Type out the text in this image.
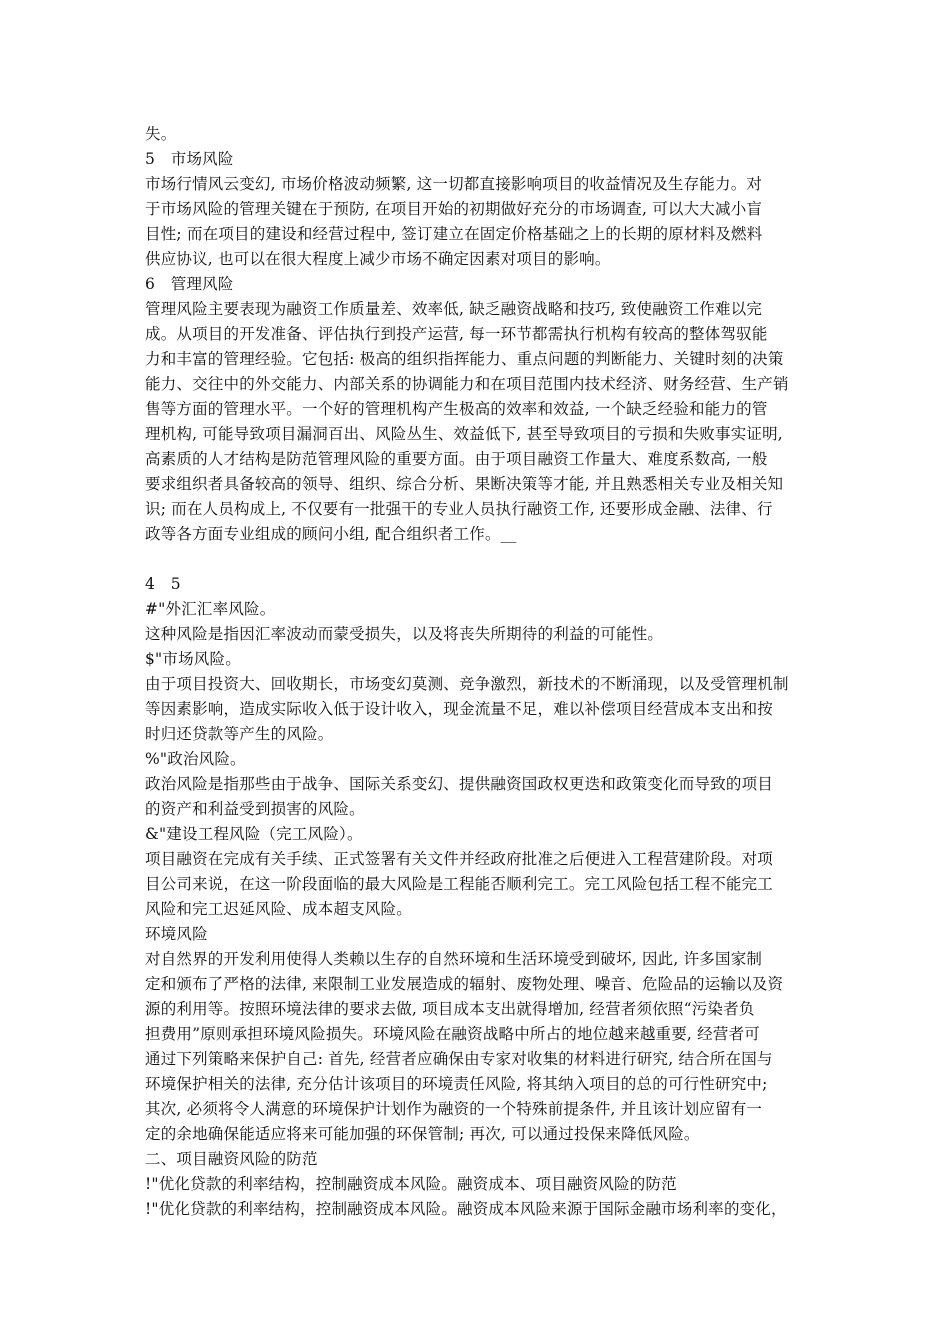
失。
5　市场风险
市场行情风云变幻, 市场价格波动频繁, 这一切都直接影响项目的收益情况及生存能力。对
于市场风险的管理关键在于预防, 在项目开始的初期做好充分的市场调查, 可以大大减小盲
目性; 而在项目的建设和经营过程中, 签订建立在固定价格基础之上的长期的原材料及燃料
供应协议, 也可以在很大程度上减少市场不确定因素对项目的影响。
6　管理风险
管理风险主要表现为融资工作质量差、效率低, 缺乏融资战略和技巧, 致使融资工作难以完
成。从项目的开发准备、评估执行到投产运营, 每一环节都需执行机构有较高的整体驾驭能
力和丰富的管理经验。它包括: 极高的组织指挥能力、重点问题的判断能力、关键时刻的决策
能力、交往中的外交能力、内部关系的协调能力和在项目范围内技术经济、财务经营、生产销
售等方面的管理水平。一个好的管理机构产生极高的效率和效益, 一个缺乏经验和能力的管
理机构, 可能导致项目漏洞百出、风险丛生、效益低下, 甚至导致项目的亏损和失败事实证明,
高素质的人才结构是防范管理风险的重要方面。由于项目融资工作量大、难度系数高, 一般
要求组织者具备较高的领导、组织、综合分析、果断决策等才能, 并且熟悉相关专业及相关知
识; 而在人员构成上, 不仅要有一批强干的专业人员执行融资工作, 还要形成金融、法律、行
政等各方面专业组成的顾问小组, 配合组织者工作。__
4　5
#"外汇汇率风险。
这种风险是指因汇率波动而蒙受损失，以及将丧失所期待的利益的可能性。
$"市场风险。
由于项目投资大、回收期长，市场变幻莫测、竞争激烈，新技术的不断涌现，以及受管理机制
等因素影响，造成实际收入低于设计收入，现金流量不足，难以补偿项目经营成本支出和按
时归还贷款等产生的风险。
%"政治风险。
政治风险是指那些由于战争、国际关系变幻、提供融资国政权更迭和政策变化而导致的项目
的资产和利益受到损害的风险。
&"建设工程风险（完工风险）。
项目融资在完成有关手续、正式签署有关文件并经政府批准之后便进入工程营建阶段。对项
目公司来说，在这一阶段面临的最大风险是工程能否顺利完工。完工风险包括工程不能完工
风险和完工迟延风险、成本超支风险。
环境风险
对自然界的开发利用使得人类赖以生存的自然环境和生活环境受到破坏, 因此, 许多国家制
定和颁布了严格的法律, 来限制工业发展造成的辐射、废物处理、噪音、危险品的运输以及资
源的利用等。按照环境法律的要求去做, 项目成本支出就得增加, 经营者须依照“污染者负
担费用”原则承担环境风险损失。环境风险在融资战略中所占的地位越来越重要, 经营者可
通过下列策略来保护自己: 首先, 经营者应确保由专家对收集的材料进行研究, 结合所在国与
环境保护相关的法律, 充分估计该项目的环境责任风险, 将其纳入项目的总的可行性研究中;
其次, 必须将令人满意的环境保护计划作为融资的一个特殊前提条件, 并且该计划应留有一
定的余地确保能适应将来可能加强的环保管制; 再次, 可以通过投保来降低风险。
二、项目融资风险的防范
!"优化贷款的利率结构，控制融资成本风险。融资成本、项目融资风险的防范
!"优化贷款的利率结构，控制融资成本风险。融资成本风险来源于国际金融市场利率的变化，
